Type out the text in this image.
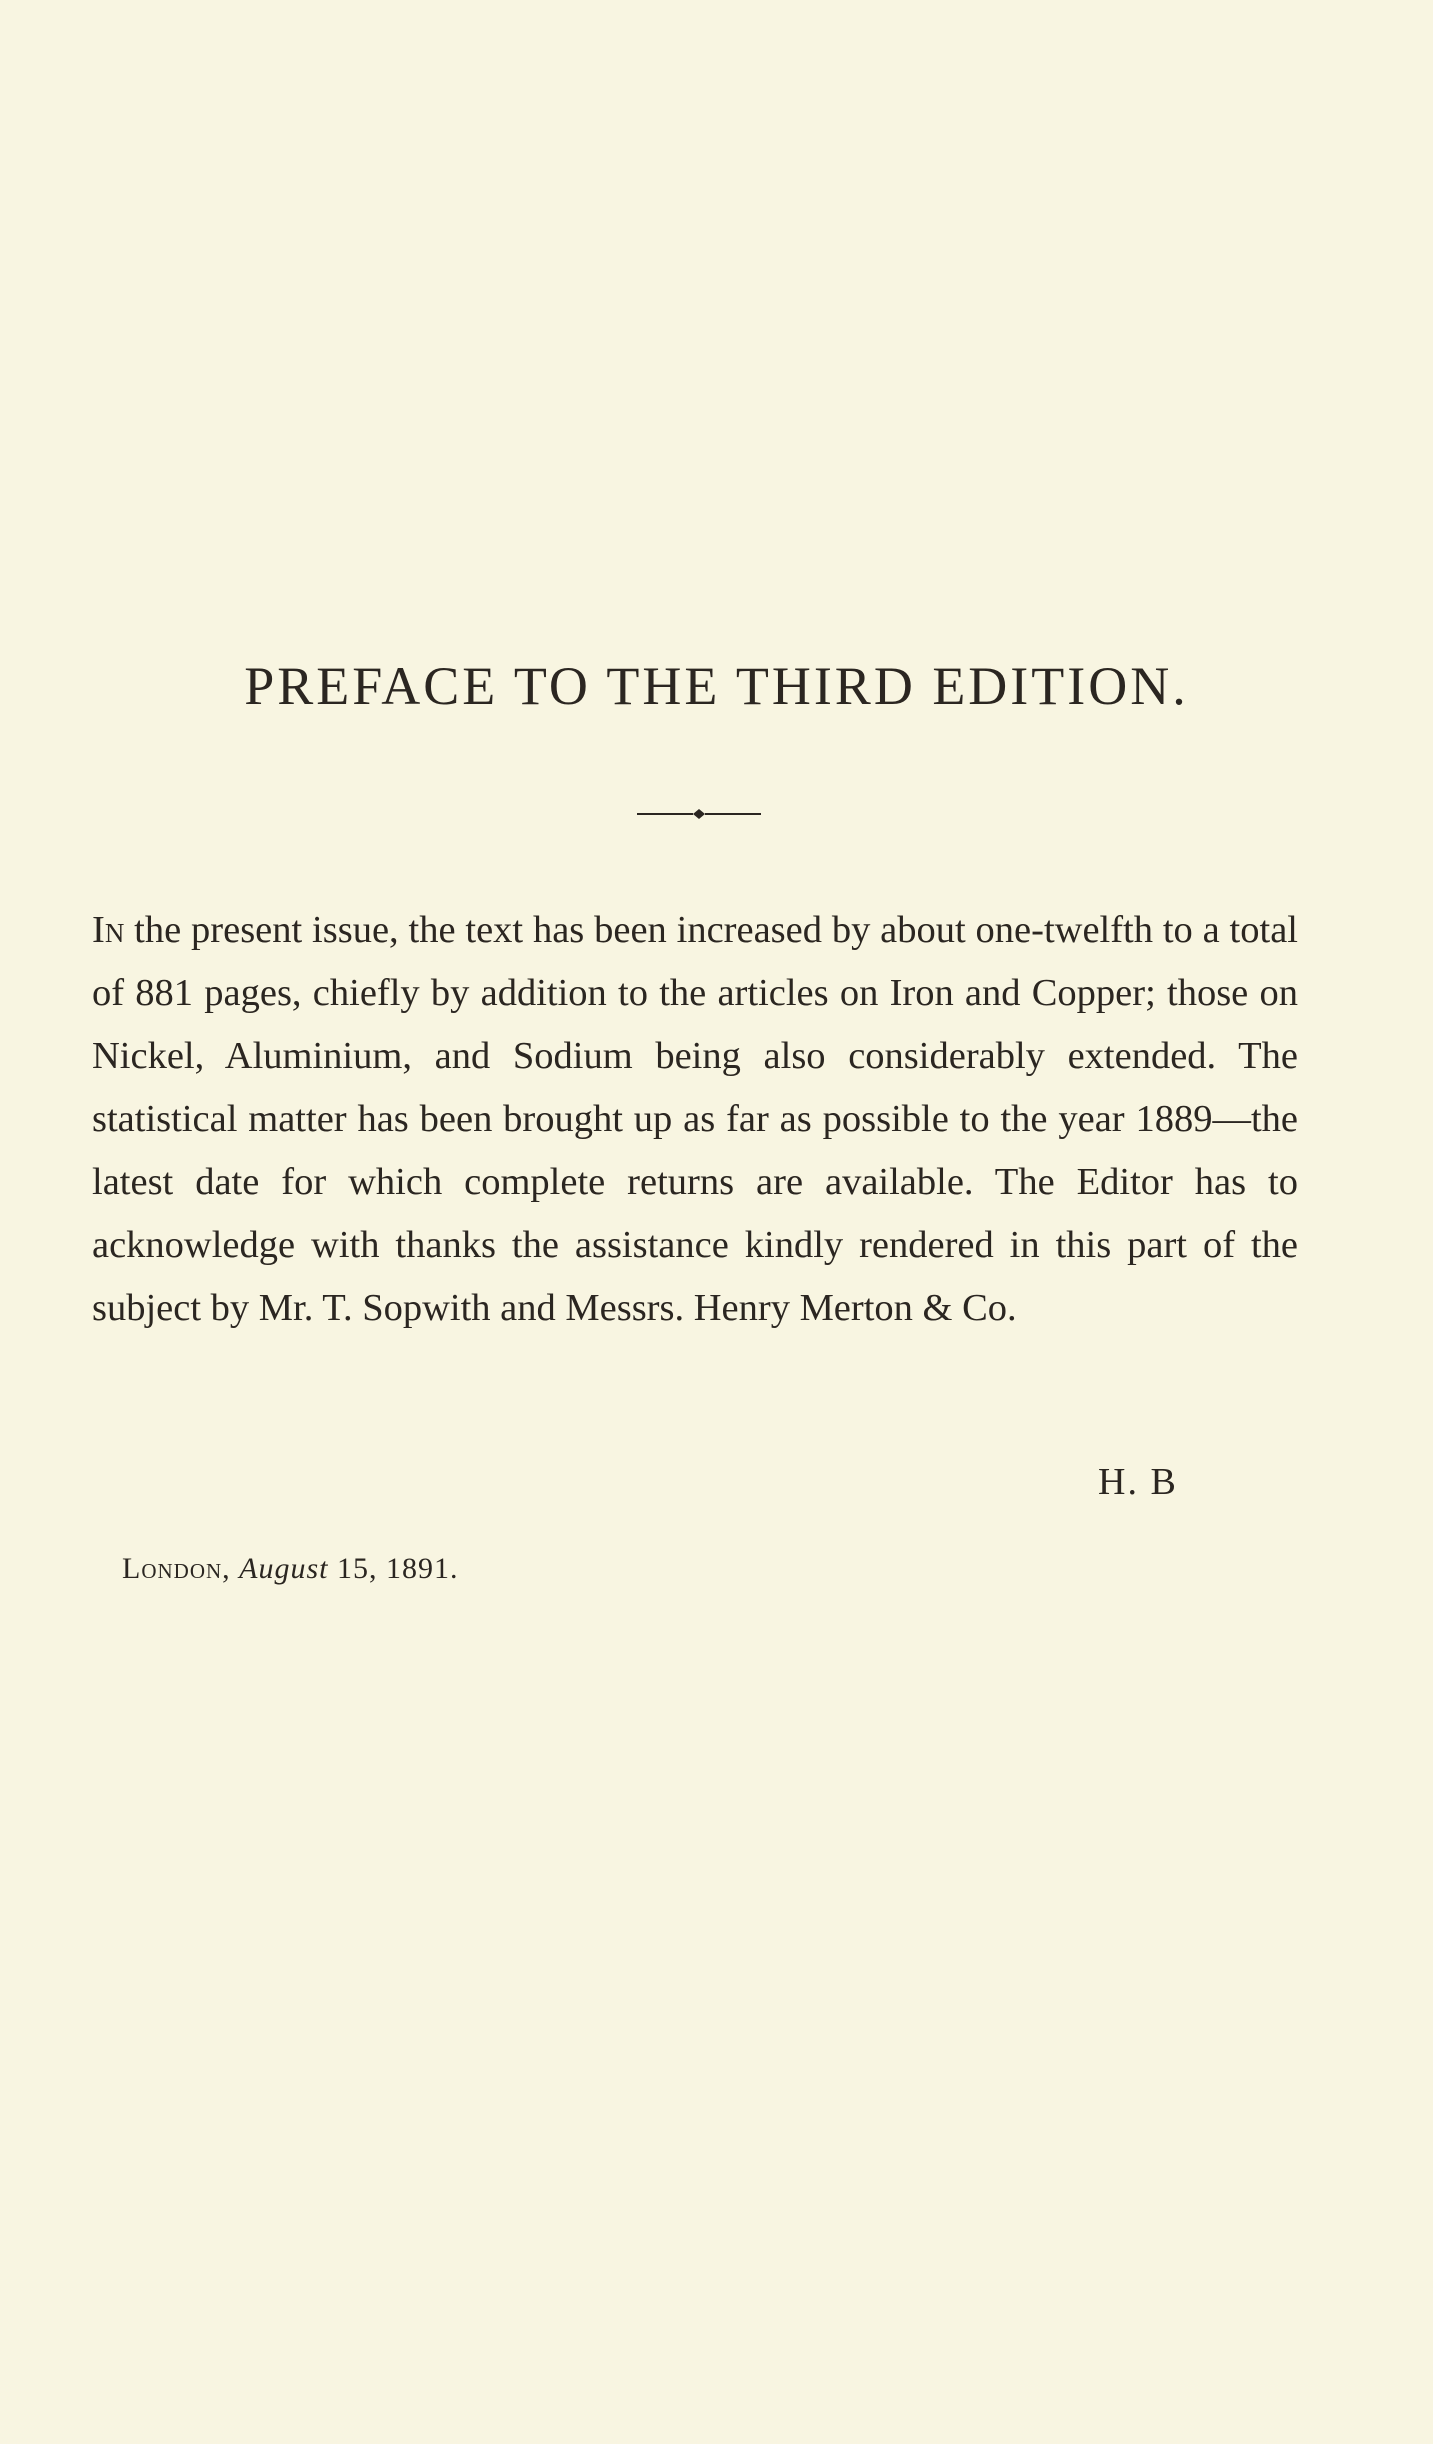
PREFACE TO THE THIRD EDITION.

In the present issue, the text has been increased by about one-twelfth to a total of 881 pages, chiefly by addition to the articles on Iron and Copper; those on Nickel, Aluminium, and Sodium being also considerably extended. The statistical matter has been brought up as far as possible to the year 1889—the latest date for which complete returns are available. The Editor has to acknowledge with thanks the assistance kindly rendered in this part of the subject by Mr. T. Sopwith and Messrs. Henry Merton & Co.

H. B
London, August 15, 1891.
